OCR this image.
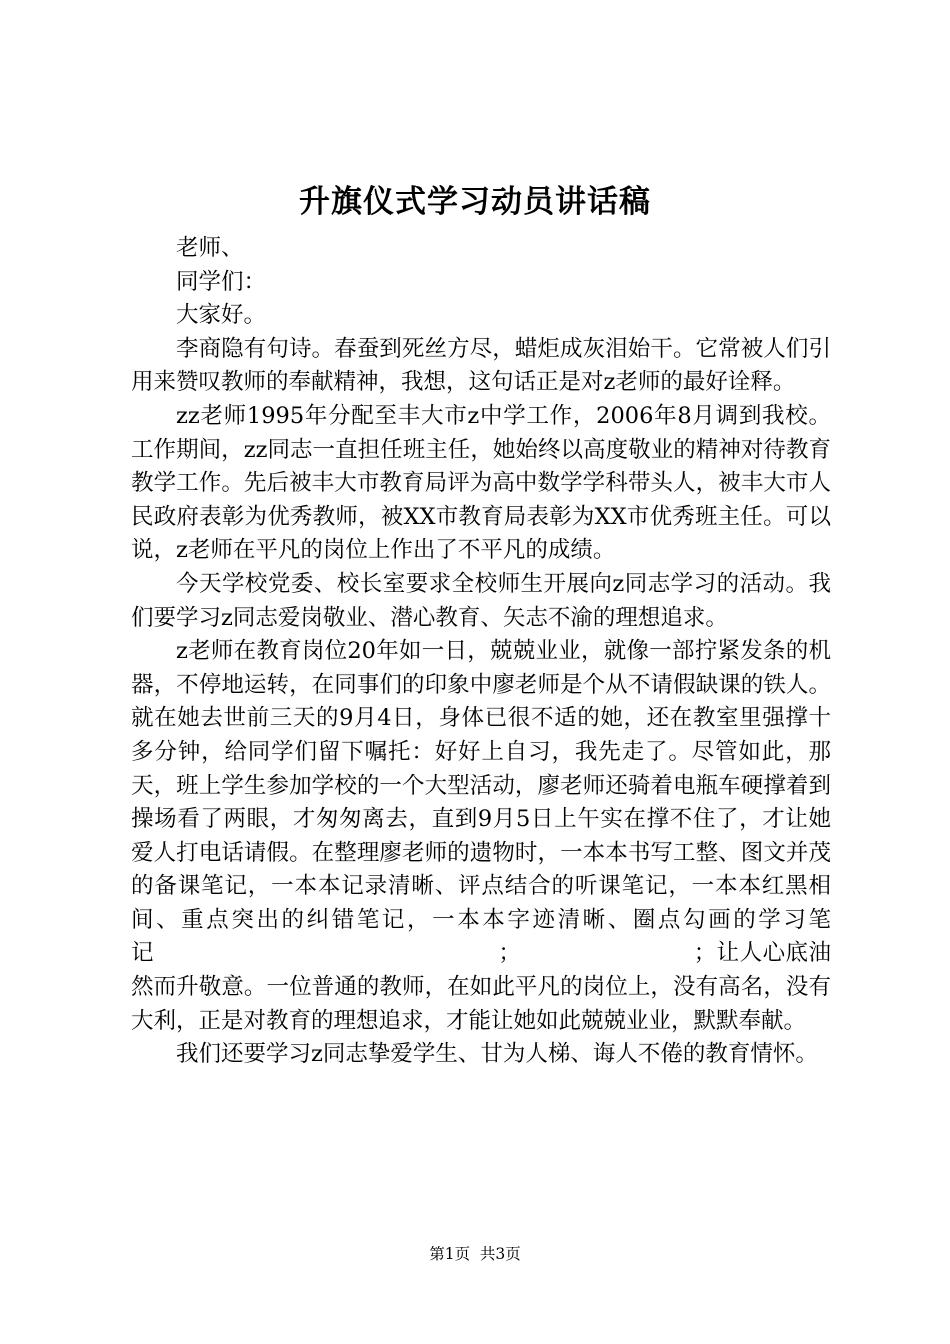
升旗仪式学习动员讲话稿

老师、

同学们：

大家好。

李商隐有句诗。春蚕到死丝方尽，蜡炬成灰泪始干。它常被人们引用来赞叹教师的奉献精神，我想，这句话正是对z老师的最好诠释。

zz老师1995年分配至丰大市z中学工作，2006年8月调到我校。工作期间，zz同志一直担任班主任，她始终以高度敬业的精神对待教育教学工作。先后被丰大市教育局评为高中数学学科带头人，被丰大市人民政府表彰为优秀教师，被XX市教育局表彰为XX市优秀班主任。可以说，z老师在平凡的岗位上作出了不平凡的成绩。

今天学校党委、校长室要求全校师生开展向z同志学习的活动。我们要学习z同志爱岗敬业、潜心教育、矢志不渝的理想追求。

z老师在教育岗位20年如一日，兢兢业业，就像一部拧紧发条的机器，不停地运转，在同事们的印象中廖老师是个从不请假缺课的铁人。就在她去世前三天的9月4日，身体已很不适的她，还在教室里强撑十多分钟，给同学们留下嘱托：好好上自习，我先走了。尽管如此，那天，班上学生参加学校的一个大型活动，廖老师还骑着电瓶车硬撑着到操场看了两眼，才匆匆离去，直到9月5日上午实在撑不住了，才让她爱人打电话请假。在整理廖老师的遗物时，一本本书写工整、图文并茂的备课笔记，一本本记录清晰、评点结合的听课笔记，一本本红黑相间、重点突出的纠错笔记，一本本字迹清晰、圈点勾画的学习笔记　　　　　　　　　　　　　　　；　　　　　　　　；让人心底油然而升敬意。一位普通的教师，在如此平凡的岗位上，没有高名，没有大利，正是对教育的理想追求，才能让她如此兢兢业业，默默奉献。

我们还要学习z同志挚爱学生、甘为人梯、诲人不倦的教育情怀。

第1页  共3页
